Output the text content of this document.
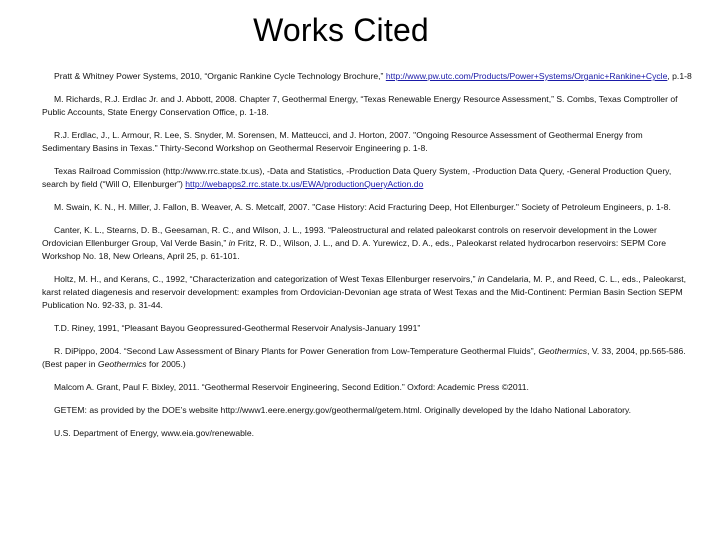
Works Cited

Pratt & Whitney Power Systems, 2010, “Organic Rankine Cycle Technology Brochure,” http://www.pw.utc.com/Products/Power+Systems/Organic+Rankine+Cycle, p.1-8

M. Richards, R.J. Erdlac Jr. and J. Abbott, 2008. Chapter 7, Geothermal Energy, “Texas Renewable Energy Resource Assessment,” S. Combs, Texas Comptroller of Public Accounts, State Energy Conservation Office, p. 1-18.

R.J. Erdlac, J., L. Armour, R. Lee, S. Snyder, M. Sorensen, M. Matteucci, and J. Horton, 2007. "Ongoing Resource Assessment of Geothermal Energy from Sedimentary Basins in Texas." Thirty-Second Workshop on Geothermal Reservoir Engineering p. 1-8.

Texas Railroad Commission (http://www.rrc.state.tx.us), -Data and Statistics, -Production Data Query System, -Production Data Query, -General Production Query, search by field (“Will O, Ellenburger”) http://webapps2.rrc.state.tx.us/EWA/productionQueryAction.do

M. Swain, K. N., H. Miller, J. Fallon, B. Weaver, A. S. Metcalf, 2007. "Case History: Acid Fracturing Deep, Hot Ellenburger." Society of Petroleum Engineers, p. 1-8.

Canter, K. L., Stearns, D. B., Geesaman, R. C., and Wilson, J. L., 1993. “Paleostructural and related paleokarst controls on reservoir development in the Lower Ordovician Ellenburger Group, Val Verde Basin,” in Fritz, R. D., Wilson, J. L., and D. A. Yurewicz, D. A., eds., Paleokarst related hydrocarbon reservoirs: SEPM Core Workshop No. 18, New Orleans, April 25, p. 61-101.

Holtz, M. H., and Kerans, C., 1992, “Characterization and categorization of West Texas Ellenburger reservoirs,” in Candelaria, M. P., and Reed, C. L., eds., Paleokarst, karst related diagenesis and reservoir development: examples from Ordovician-Devonian age strata of West Texas and the Mid-Continent: Permian Basin Section SEPM Publication No. 92-33, p. 31-44.

T.D. Riney, 1991, “Pleasant Bayou Geopressured-Geothermal Reservoir Analysis-January 1991”

R. DiPippo, 2004. “Second Law Assessment of Binary Plants for Power Generation from Low-Temperature Geothermal Fluids”, Geothermics, V. 33, 2004, pp.565-586. (Best paper in Geothermics for 2005.)

Malcom A. Grant, Paul F. Bixley, 2011. “Geothermal Reservoir Engineering, Second Edition.” Oxford: Academic Press ©2011.

GETEM: as provided by the DOE’s website http://www1.eere.energy.gov/geothermal/getem.html. Originally developed by the Idaho National Laboratory.

U.S. Department of Energy, www.eia.gov/renewable.
